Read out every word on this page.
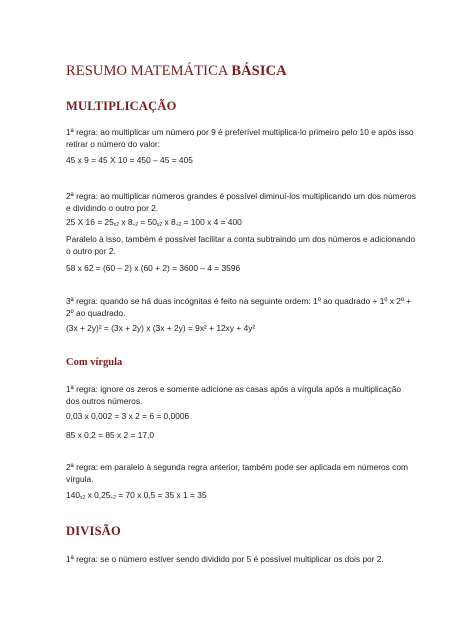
RESUMO MATEMÁTICA BÁSICA
MULTIPLICAÇÃO
1ª regra: ao multiplicar um número por 9 é preferível multiplica-lo primeiro pelo 10 e após isso retirar o número do valor:
45 x 9 = 45 X 10 = 450 – 45 = 405
2ª regra: ao multiplicar números grandes é possível diminuí-los multiplicando um dos números e dividindo o outro por 2.
25 X $16 = 25_{x2}$ x $8_{\div 2} = 50_{x2}$ x $8_{\div 2} = 100$ x 4 = 400
Paralelo à isso, também é possível facilitar a conta subtraindo um dos números e adicionando o outro por 2.
58 x 62 = (60 – 2) x (60 + 2) = 3600 – 4 = 3596
3ª regra: quando se há duas incógnitas é feito na seguinte ordem: 1º ao quadrado + 1º x 2º + 2º ao quadrado.
(3x + 2y)² = (3x + 2y) x (3x + 2y) = 9x² + 12xy + 4y²
Com vírgula
1ª regra: ignore os zeros e somente adicione as casas após a vírgula após a multiplicação dos outros números.
0,03 x 0,002 = 3 x 2 = 6 = 0,0006
85 x 0,2 = 85 x 2 = 17,0
2ª regra: em paralelo à segunda regra anterior, também pode ser aplicada em números com vírgula.
$140_{x2}$ x $0,25_{\div 2} = 70$ x 0,5 = 35 x 1 = 35
DIVISÃO
1ª regra: se o número estiver sendo dividido por 5 é possível multiplicar os dois por 2.
